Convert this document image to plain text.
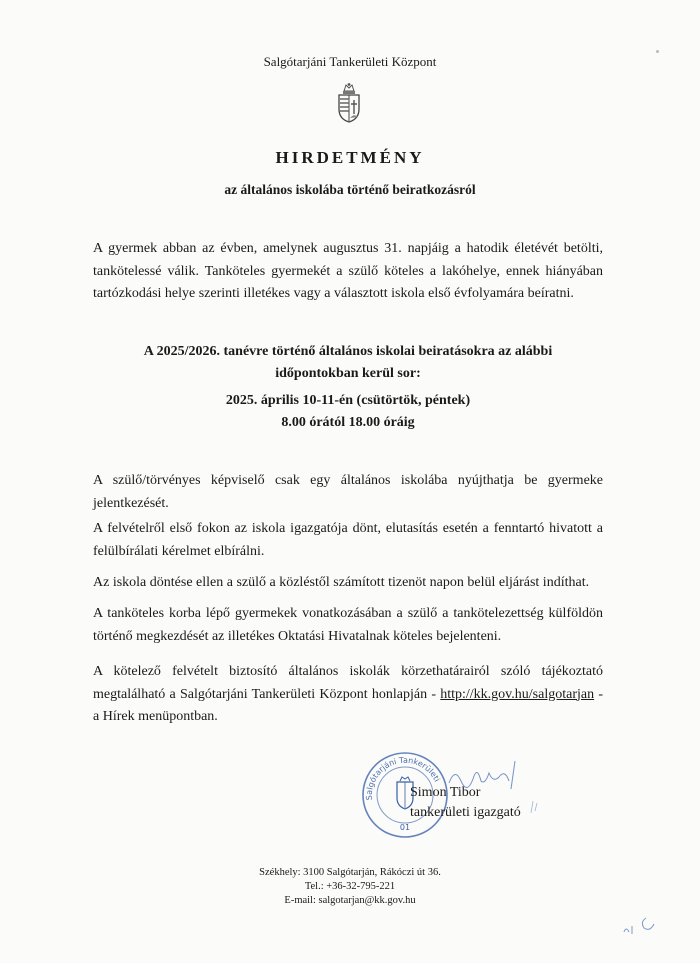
Salgótarjáni Tankerületi Központ
HIRDETMÉNY
az általános iskolába történő beiratkozásról
A gyermek abban az évben, amelynek augusztus 31. napjáig a hatodik életévét betölti, tankötelessé válik. Tanköteles gyermekét a szülő köteles a lakóhelye, ennek hiányában tartózkodási helye szerinti illetékes vagy a választott iskola első évfolyamára beíratni.
A 2025/2026. tanévre történő általános iskolai beiratásokra az alábbi
időpontokban kerül sor:
2025. április 10-11-én (csütörtök, péntek)
8.00 órától 18.00 óráig
A szülő/törvényes képviselő csak egy általános iskolába nyújthatja be gyermeke jelentkezését.
A felvételről első fokon az iskola igazgatója dönt, elutasítás esetén a fenntartó hivatott a felülbírálati kérelmet elbírálni.
Az iskola döntése ellen a szülő a közléstől számított tizenöt napon belül eljárást indíthat.
A tanköteles korba lépő gyermekek vonatkozásában a szülő a tankötelezettség külföldön történő megkezdését az illetékes Oktatási Hivatalnak köteles bejelenteni.
A kötelező felvételt biztosító általános iskolák körzethatárairól szóló tájékoztató megtalálható a Salgótarjáni Tankerületi Központ honlapján - http://kk.gov.hu/salgotarjan - a Hírek menüpontban.
Salgótarjáni Tankerületi
01
Simon Tibor
tankerületi igazgató
Székhely: 3100 Salgótarján, Rákóczi út 36.
Tel.: +36-32-795-221
E-mail: salgotarjan@kk.gov.hu
